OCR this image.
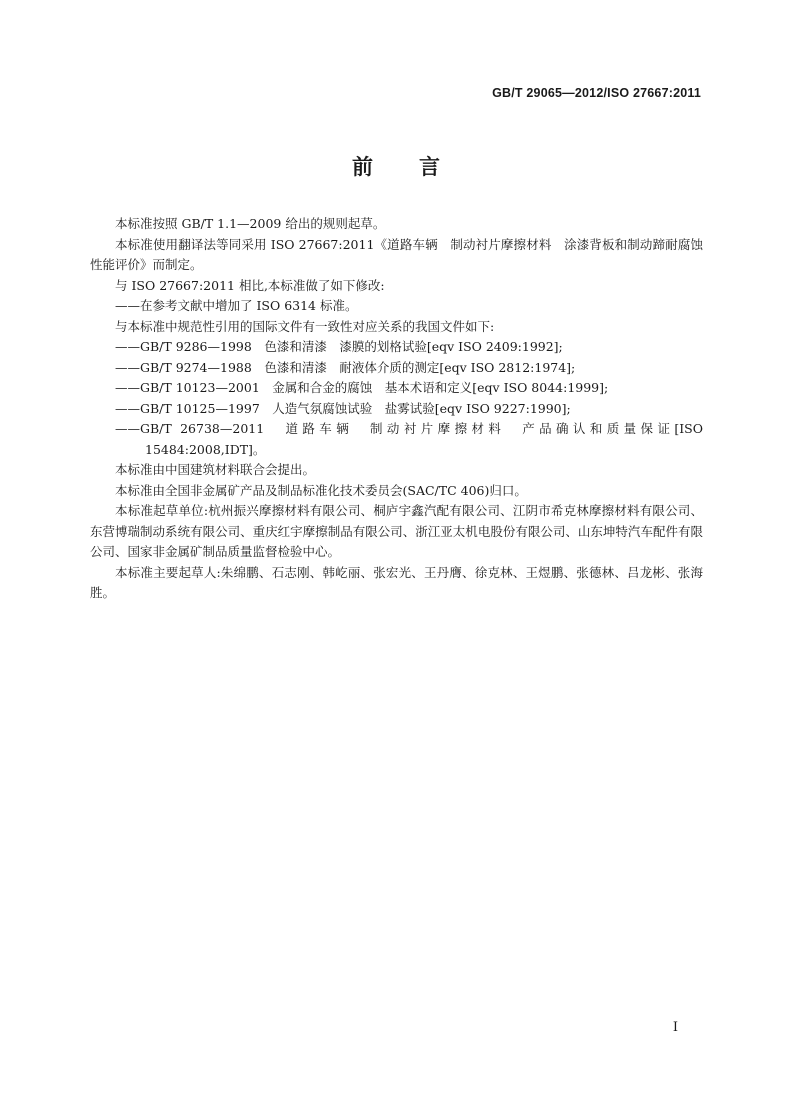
GB/T 29065—2012/ISO 27667:2011
前 言

本标准按照 GB/T 1.1—2009 给出的规则起草。

本标准使用翻译法等同采用 ISO 27667:2011《道路车辆　制动衬片摩擦材料　涂漆背板和制动蹄耐腐蚀性能评价》而制定。

与 ISO 27667:2011 相比,本标准做了如下修改:

——在参考文献中增加了 ISO 6314 标准。

与本标准中规范性引用的国际文件有一致性对应关系的我国文件如下:

——GB/T 9286—1998　色漆和清漆　漆膜的划格试验[eqv ISO 2409:1992];

——GB/T 9274—1988　色漆和清漆　耐液体介质的测定[eqv ISO 2812:1974];

——GB/T 10123—2001　金属和合金的腐蚀　基本术语和定义[eqv ISO 8044:1999];

——GB/T 10125—1997　人造气氛腐蚀试验　盐雾试验[eqv ISO 9227:1990];

——GB/T 26738—2011　道路车辆　制动衬片摩擦材料　产品确认和质量保证[ISO 15484:2008,IDT]。

本标准由中国建筑材料联合会提出。

本标准由全国非金属矿产品及制品标准化技术委员会(SAC/TC 406)归口。

本标准起草单位:杭州振兴摩擦材料有限公司、桐庐宇鑫汽配有限公司、江阴市希克林摩擦材料有限公司、东营博瑞制动系统有限公司、重庆红宇摩擦制品有限公司、浙江亚太机电股份有限公司、山东坤特汽车配件有限公司、国家非金属矿制品质量监督检验中心。

本标准主要起草人:朱绵鹏、石志刚、韩屹丽、张宏光、王丹膺、徐克林、王煜鹏、张德林、吕龙彬、张海胜。

I
